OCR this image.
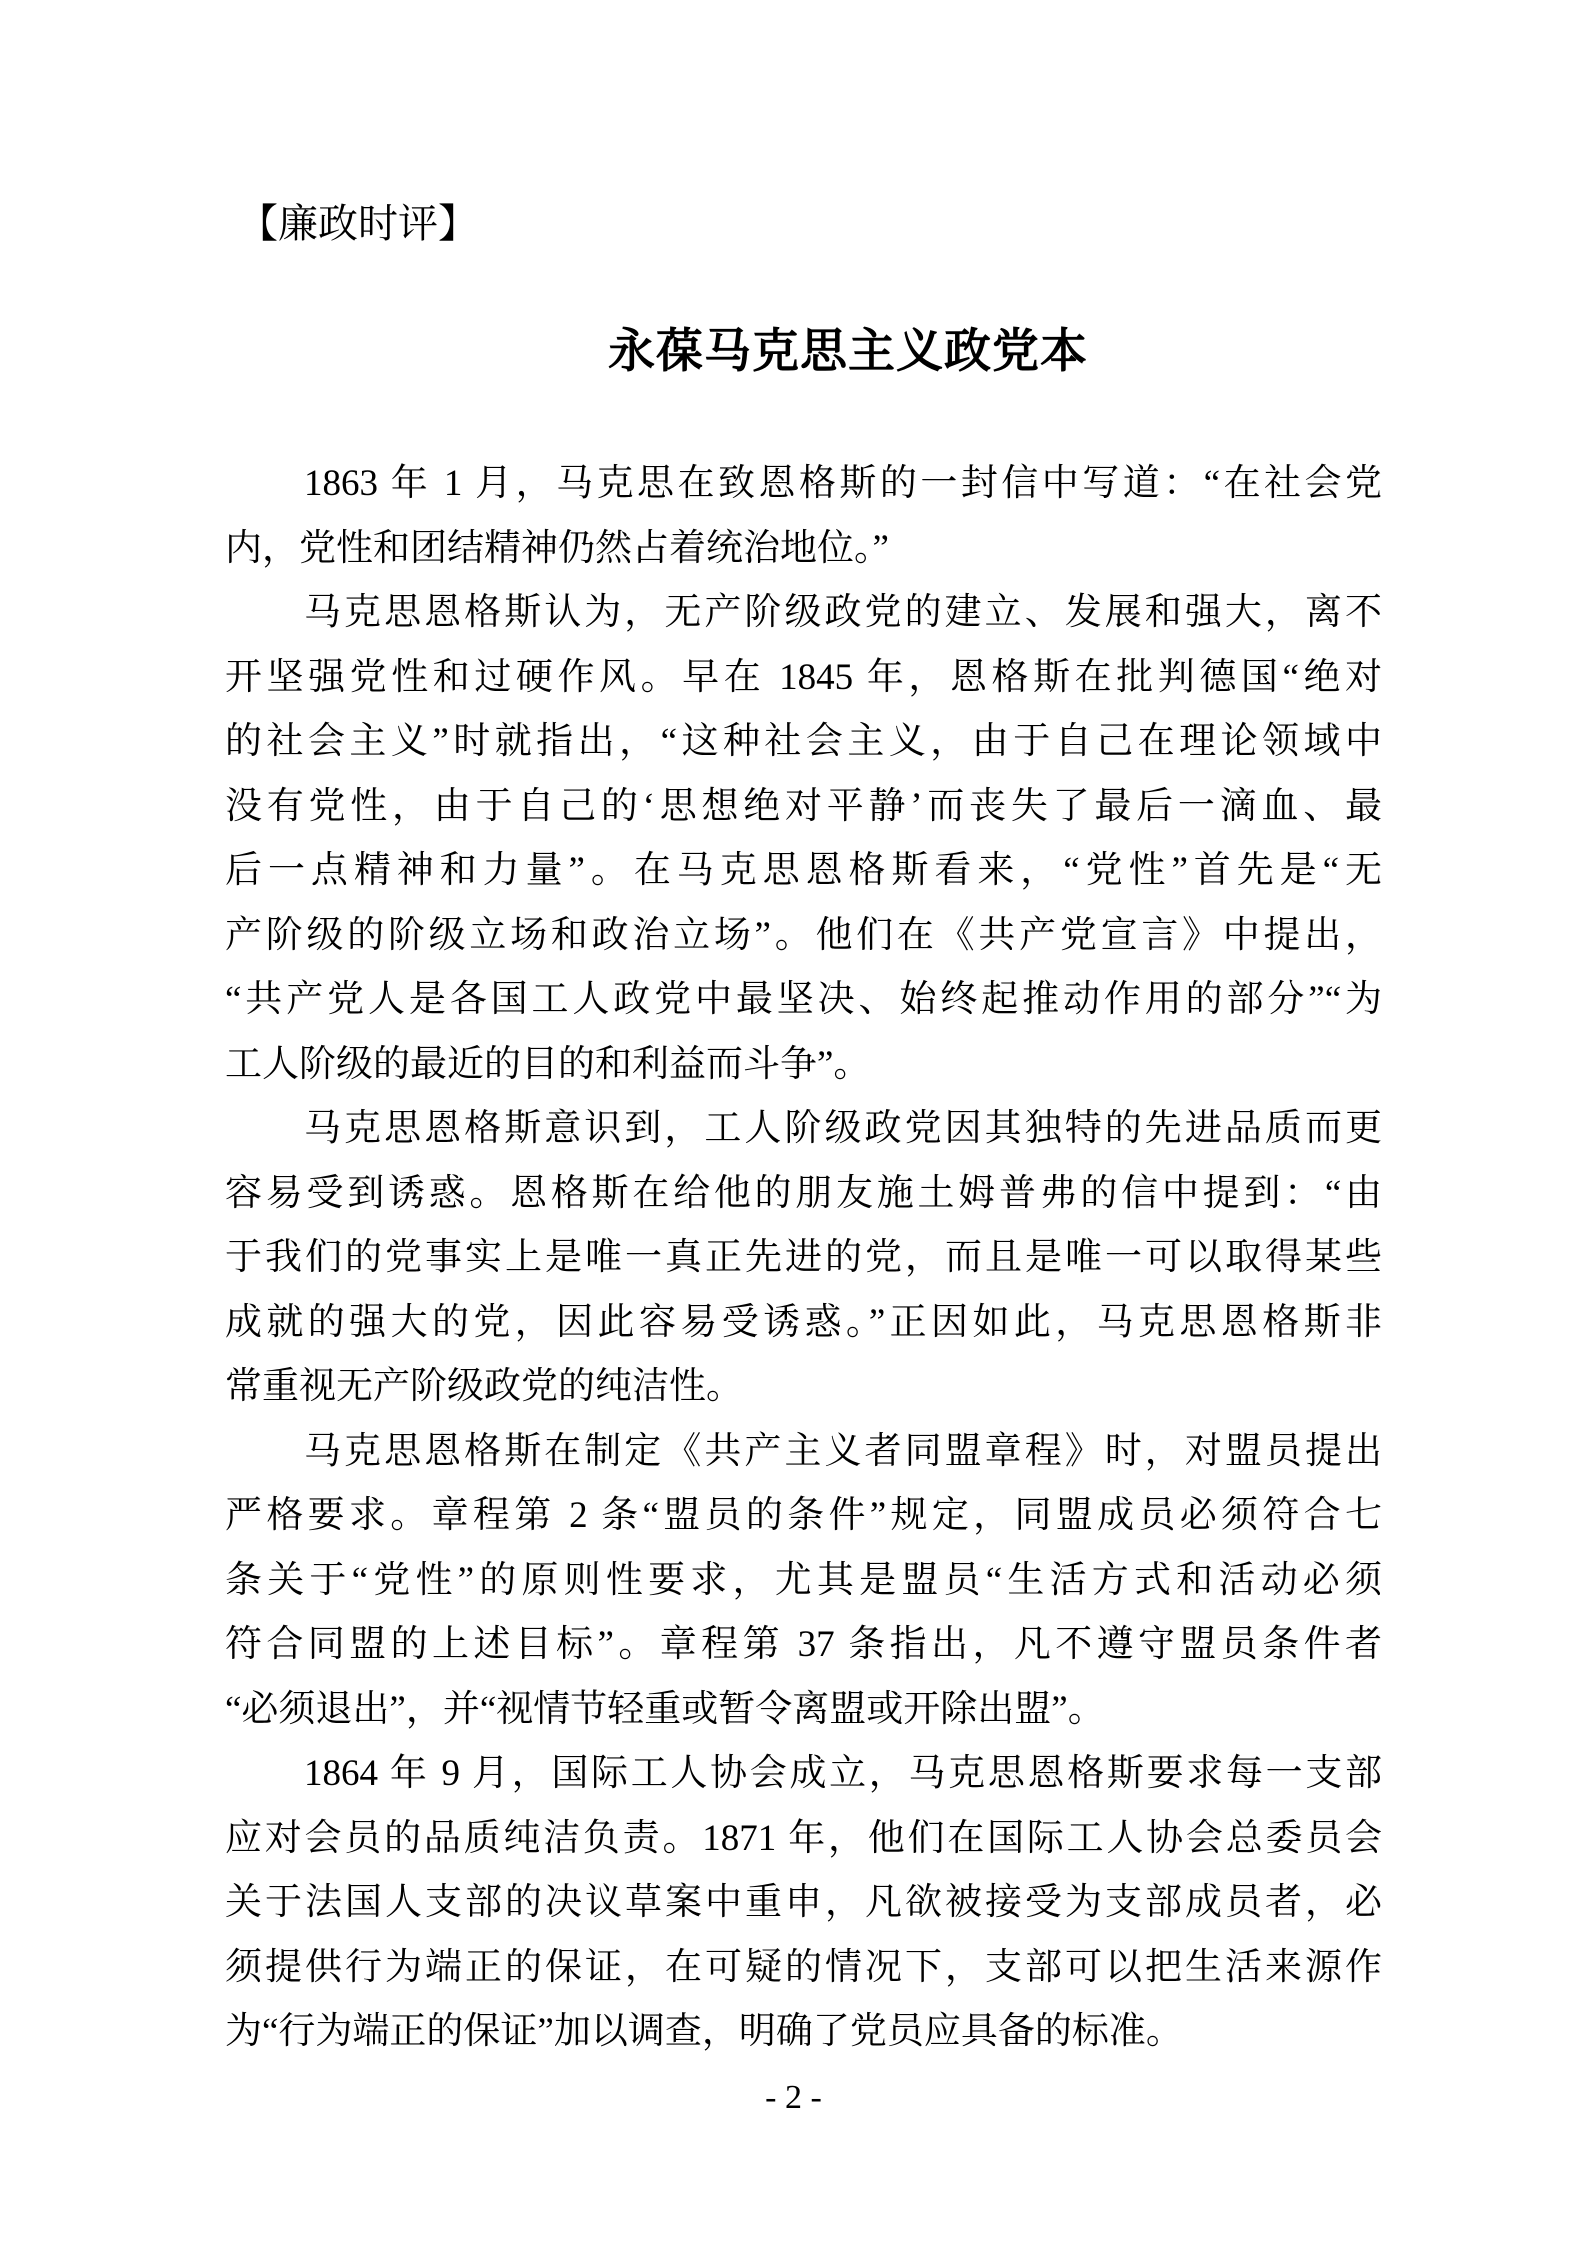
【廉政时评】
永葆马克思主义政党本
1863 年 1 月，马克思在致恩格斯的一封信中写道：“在社会党
内，党性和团结精神仍然占着统治地位。”
马克思恩格斯认为，无产阶级政党的建立、发展和强大，离不
开坚强党性和过硬作风。早在 1845 年，恩格斯在批判德国“绝对
的社会主义”时就指出，“这种社会主义，由于自己在理论领域中
没有党性，由于自己的‘思想绝对平静’而丧失了最后一滴血、最
后一点精神和力量”。在马克思恩格斯看来，“党性”首先是“无
产阶级的阶级立场和政治立场”。他们在《共产党宣言》中提出，
“共产党人是各国工人政党中最坚决、始终起推动作用的部分”“为
工人阶级的最近的目的和利益而斗争”。
马克思恩格斯意识到，工人阶级政党因其独特的先进品质而更
容易受到诱惑。恩格斯在给他的朋友施土姆普弗的信中提到：“由
于我们的党事实上是唯一真正先进的党，而且是唯一可以取得某些
成就的强大的党，因此容易受诱惑。”正因如此，马克思恩格斯非
常重视无产阶级政党的纯洁性。
马克思恩格斯在制定《共产主义者同盟章程》时，对盟员提出
严格要求。章程第 2 条“盟员的条件”规定，同盟成员必须符合七
条关于“党性”的原则性要求，尤其是盟员“生活方式和活动必须
符合同盟的上述目标”。章程第 37 条指出，凡不遵守盟员条件者
“必须退出”，并“视情节轻重或暂令离盟或开除出盟”。
1864 年 9 月，国际工人协会成立，马克思恩格斯要求每一支部
应对会员的品质纯洁负责。1871 年，他们在国际工人协会总委员会
关于法国人支部的决议草案中重申，凡欲被接受为支部成员者，必
须提供行为端正的保证，在可疑的情况下，支部可以把生活来源作
为“行为端正的保证”加以调查，明确了党员应具备的标准。
- 2 -
